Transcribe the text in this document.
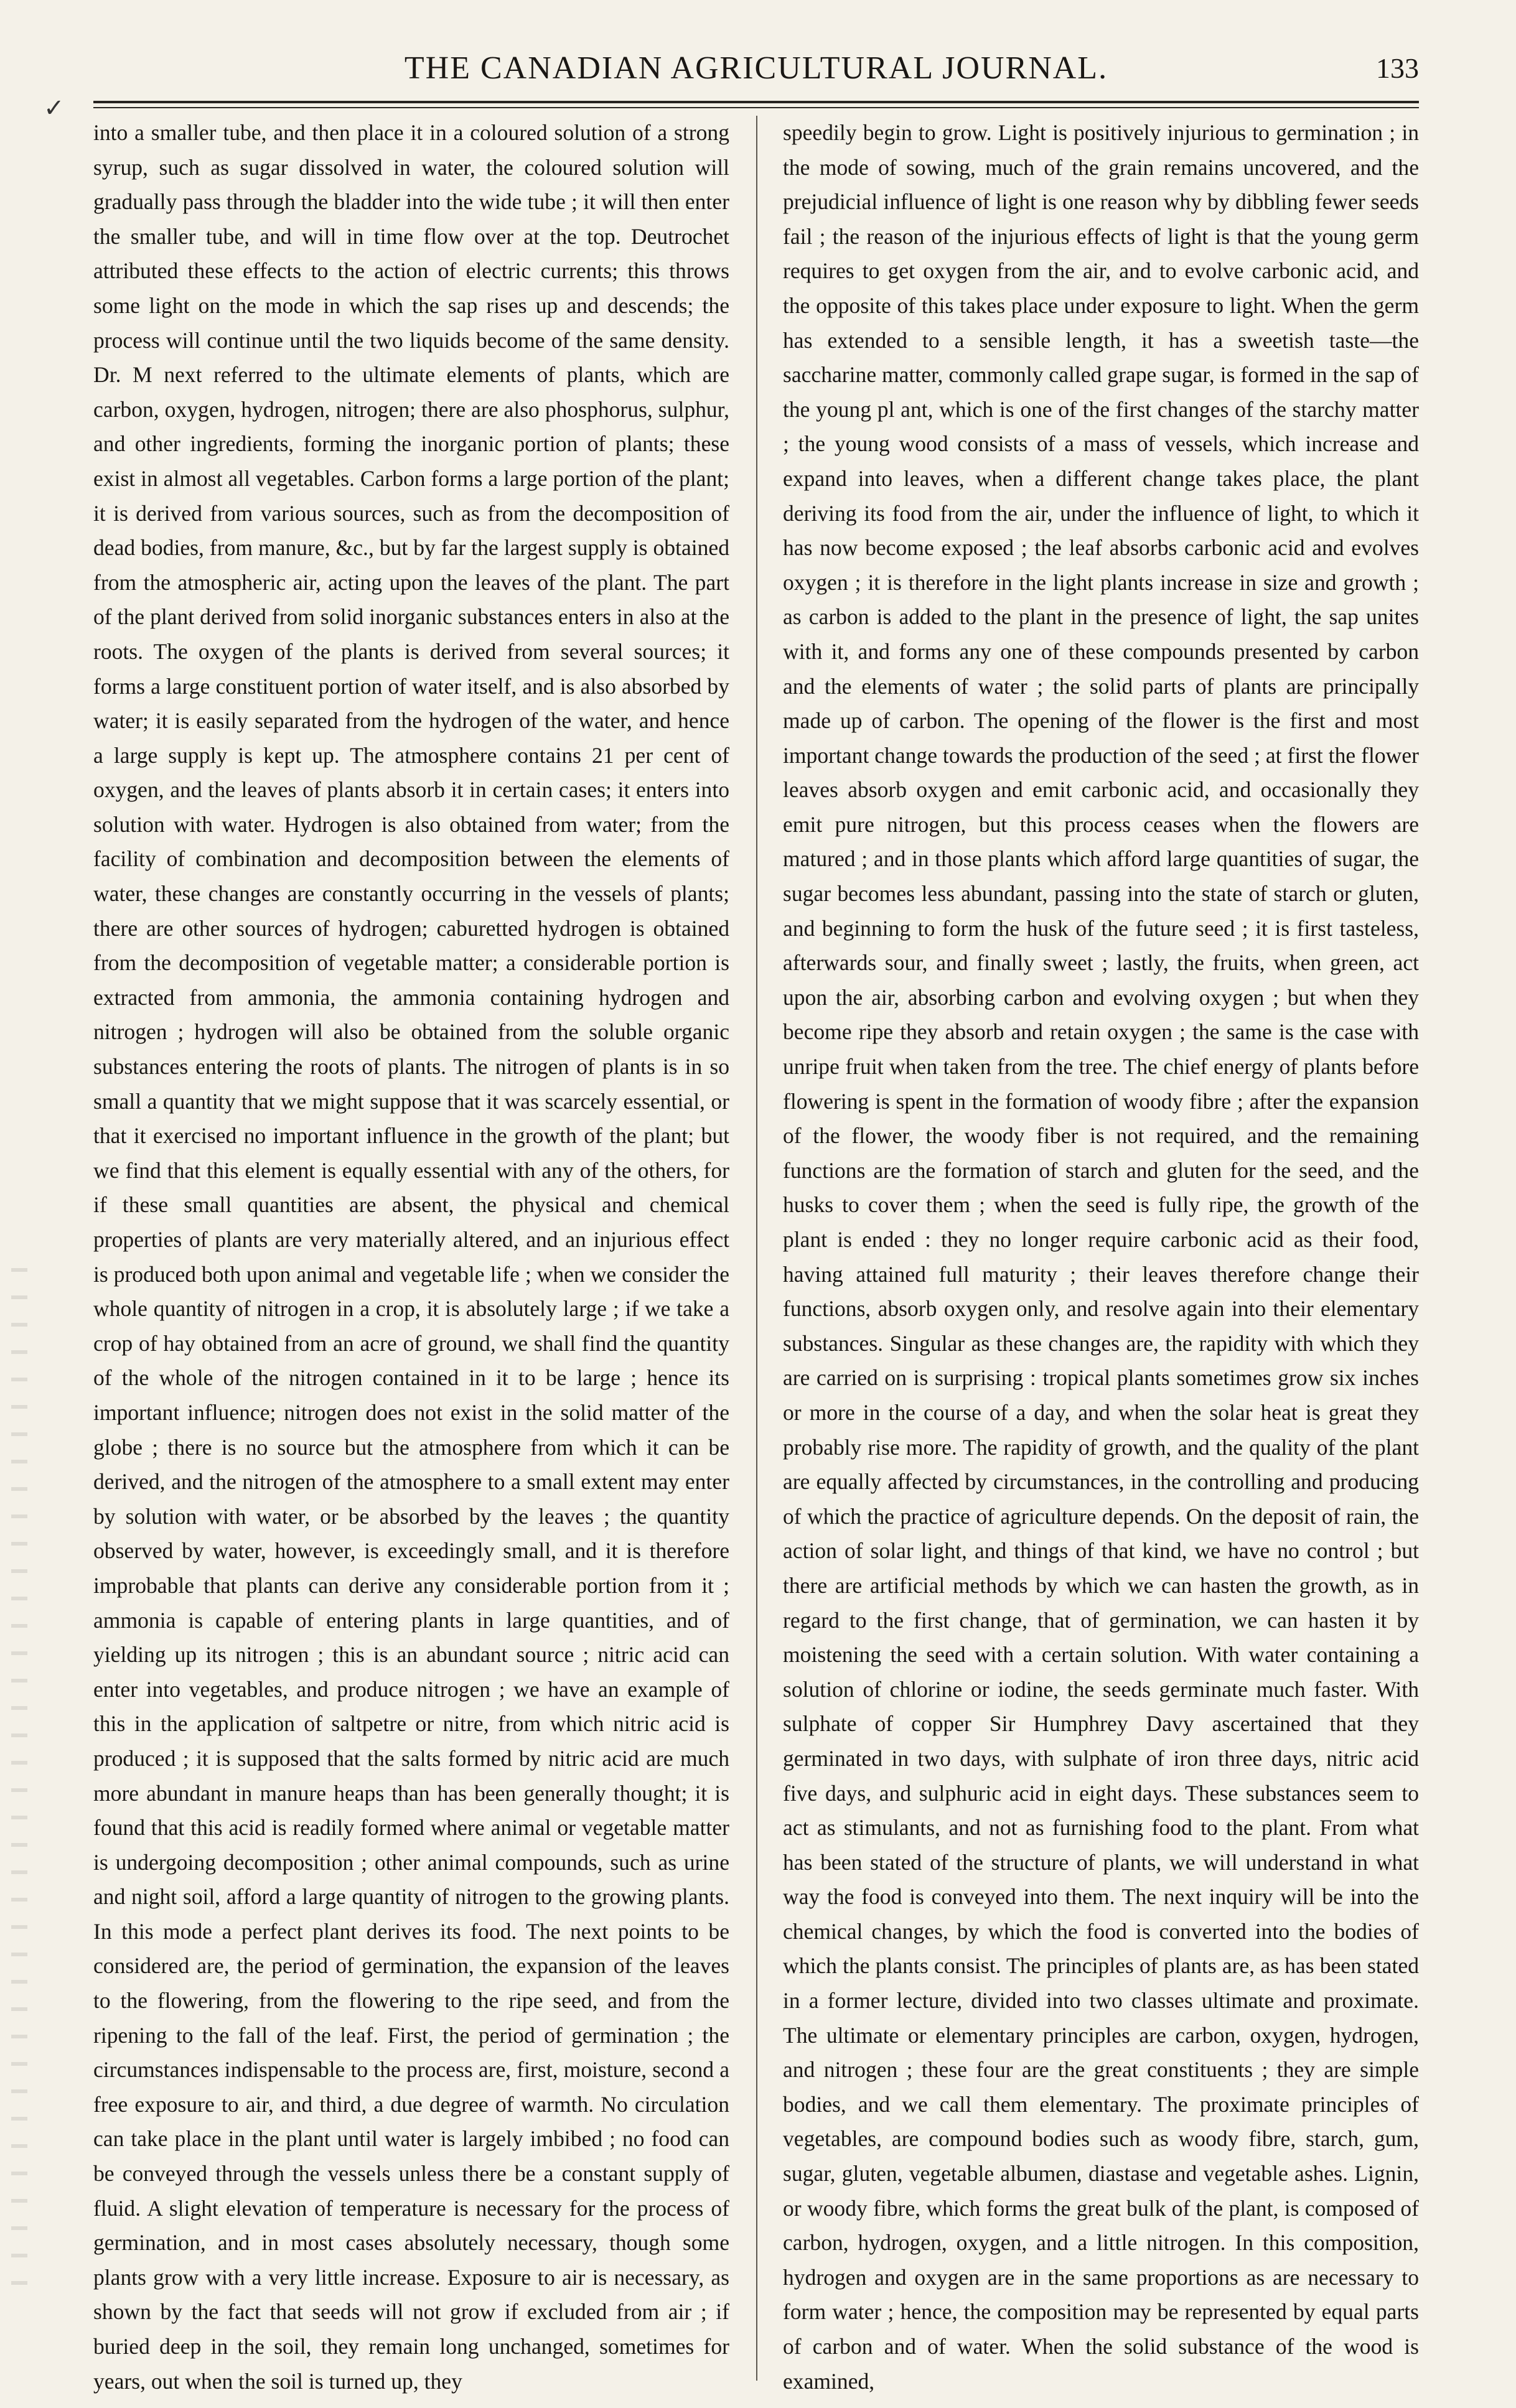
✓
THE CANADIAN AGRICULTURAL JOURNAL.	133

into a smaller tube, and then place it in a coloured solution of a strong syrup, such as sugar dissolved in water, the coloured solution will gradually pass through the bladder into the wide tube ; it will then enter the smaller tube, and will in time flow over at the top. Deutrochet attributed these effects to the action of electric currents; this throws some light on the mode in which the sap rises up and descends; the process will continue until the two liquids become of the same density. Dr. M next referred to the ultimate elements of plants, which are carbon, oxygen, hydrogen, nitrogen; there are also phosphorus, sulphur, and other ingredients, forming the inorganic portion of plants; these exist in almost all vegetables. Carbon forms a large portion of the plant; it is derived from various sources, such as from the decomposition of dead bodies, from manure, &c., but by far the largest supply is obtained from the atmospheric air, acting upon the leaves of the plant. The part of the plant derived from solid inorganic substances enters in also at the roots. The oxygen of the plants is derived from several sources; it forms a large constituent portion of water itself, and is also absorbed by water; it is easily separated from the hydrogen of the water, and hence a large supply is kept up. The atmosphere contains 21 per cent of oxygen, and the leaves of plants absorb it in certain cases; it enters into solution with water. Hydrogen is also obtained from water; from the facility of combination and decomposition between the elements of water, these changes are constantly occurring in the vessels of plants; there are other sources of hydrogen; caburetted hydrogen is obtained from the decomposition of vegetable matter; a considerable portion is extracted from ammonia, the ammonia containing hydrogen and nitrogen ; hydrogen will also be obtained from the soluble organic substances entering the roots of plants. The nitrogen of plants is in so small a quantity that we might suppose that it was scarcely essential, or that it exercised no important influence in the growth of the plant; but we find that this element is equally essential with any of the others, for if these small quantities are absent, the physical and chemical properties of plants are very materially altered, and an injurious effect is produced both upon animal and vegetable life ; when we consider the whole quantity of nitrogen in a crop, it is absolutely large ; if we take a crop of hay obtained from an acre of ground, we shall find the quantity of the whole of the nitrogen contained in it to be large ; hence its important influence; nitrogen does not exist in the solid matter of the globe ; there is no source but the atmosphere from which it can be derived, and the nitrogen of the atmosphere to a small extent may enter by solution with water, or be absorbed by the leaves ; the quantity observed by water, however, is exceedingly small, and it is therefore improbable that plants can derive any considerable portion from it ; ammonia is capable of entering plants in large quantities, and of yielding up its nitrogen ; this is an abundant source ; nitric acid can enter into vegetables, and produce nitrogen ; we have an example of this in the application of saltpetre or nitre, from which nitric acid is produced ; it is supposed that the salts formed by nitric acid are much more abundant in manure heaps than has been generally thought; it is found that this acid is readily formed where animal or vegetable matter is undergoing decomposition ; other animal compounds, such as urine and night soil, afford a large quantity of nitrogen to the growing plants. In this mode a perfect plant derives its food. The next points to be considered are, the period of germination, the expansion of the leaves to the flowering, from the flowering to the ripe seed, and from the ripening to the fall of the leaf. First, the period of germination ; the circumstances indispensable to the process are, first, moisture, second a free exposure to air, and third, a due degree of warmth. No circulation can take place in the plant until water is largely imbibed ; no food can be conveyed through the vessels unless there be a constant supply of fluid. A slight elevation of temperature is necessary for the process of germination, and in most cases absolutely necessary, though some plants grow with a very little increase. Exposure to air is necessary, as shown by the fact that seeds will not grow if excluded from air ; if buried deep in the soil, they remain long unchanged, sometimes for years, out when the soil is turned up, they

speedily begin to grow. Light is positively injurious to germination ; in the mode of sowing, much of the grain remains uncovered, and the prejudicial influence of light is one reason why by dibbling fewer seeds fail ; the reason of the injurious effects of light is that the young germ requires to get oxygen from the air, and to evolve carbonic acid, and the opposite of this takes place under exposure to light. When the germ has extended to a sensible length, it has a sweetish taste—the saccharine matter, commonly called grape sugar, is formed in the sap of the young pl ant, which is one of the first changes of the starchy matter ; the young wood consists of a mass of vessels, which increase and expand into leaves, when a different change takes place, the plant deriving its food from the air, under the influence of light, to which it has now become exposed ; the leaf absorbs carbonic acid and evolves oxygen ; it is therefore in the light plants increase in size and growth ; as carbon is added to the plant in the presence of light, the sap unites with it, and forms any one of these compounds presented by carbon and the elements of water ; the solid parts of plants are principally made up of carbon. The opening of the flower is the first and most important change towards the production of the seed ; at first the flower leaves absorb oxygen and emit carbonic acid, and occasionally they emit pure nitrogen, but this process ceases when the flowers are matured ; and in those plants which afford large quantities of sugar, the sugar becomes less abundant, passing into the state of starch or gluten, and beginning to form the husk of the future seed ; it is first tasteless, afterwards sour, and finally sweet ; lastly, the fruits, when green, act upon the air, absorbing carbon and evolving oxygen ; but when they become ripe they absorb and retain oxygen ; the same is the case with unripe fruit when taken from the tree. The chief energy of plants before flowering is spent in the formation of woody fibre ; after the expansion of the flower, the woody fiber is not required, and the remaining functions are the formation of starch and gluten for the seed, and the husks to cover them ; when the seed is fully ripe, the growth of the plant is ended : they no longer require carbonic acid as their food, having attained full maturity ; their leaves therefore change their functions, absorb oxygen only, and resolve again into their elementary substances. Singular as these changes are, the rapidity with which they are carried on is surprising : tropical plants sometimes grow six inches or more in the course of a day, and when the solar heat is great they probably rise more. The rapidity of growth, and the quality of the plant are equally affected by circumstances, in the controlling and producing of which the practice of agriculture depends. On the deposit of rain, the action of solar light, and things of that kind, we have no control ; but there are artificial methods by which we can hasten the growth, as in regard to the first change, that of germination, we can hasten it by moistening the seed with a certain solution. With water containing a solution of chlorine or iodine, the seeds germinate much faster. With sulphate of copper Sir Humphrey Davy ascertained that they germinated in two days, with sulphate of iron three days, nitric acid five days, and sulphuric acid in eight days. These substances seem to act as stimulants, and not as furnishing food to the plant. From what has been stated of the structure of plants, we will understand in what way the food is conveyed into them. The next inquiry will be into the chemical changes, by which the food is converted into the bodies of which the plants consist. The principles of plants are, as has been stated in a former lecture, divided into two classes ultimate and proximate. The ultimate or elementary principles are carbon, oxygen, hydrogen, and nitrogen ; these four are the great constituents ; they are simple bodies, and we call them elementary. The proximate principles of vegetables, are compound bodies such as woody fibre, starch, gum, sugar, gluten, vegetable albumen, diastase and vegetable ashes. Lignin, or woody fibre, which forms the great bulk of the plant, is composed of carbon, hydrogen, oxygen, and a little nitrogen. In this composition, hydrogen and oxygen are in the same proportions as are necessary to form water ; hence, the composition may be represented by equal parts of carbon and of water. When the solid substance of the wood is examined,
